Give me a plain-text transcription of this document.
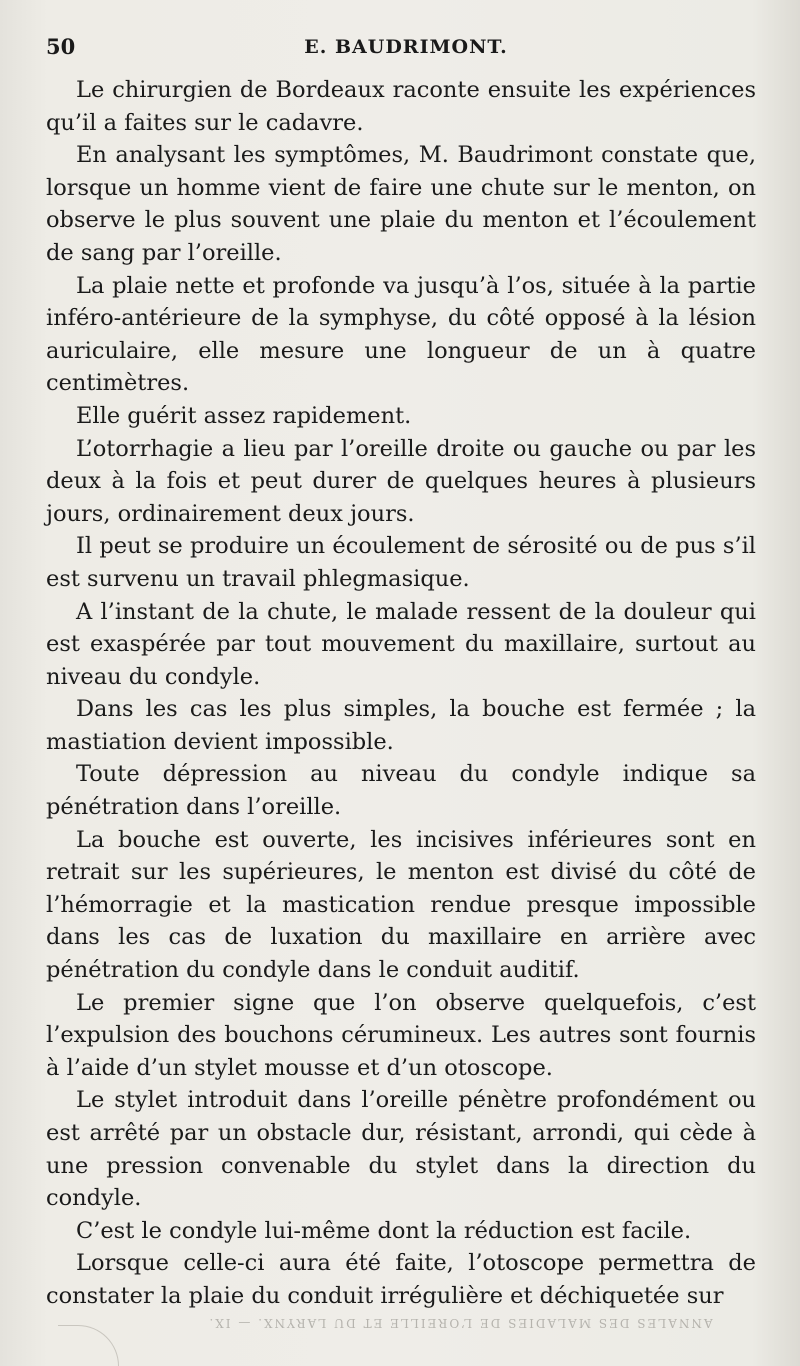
50	E. BAUDRIMONT.

Le chirurgien de Bordeaux raconte ensuite les expériences qu’il a faites sur le cadavre.

En analysant les symptômes, M. Baudrimont constate que, lorsque un homme vient de faire une chute sur le menton, on observe le plus souvent une plaie du menton et l’écoulement de sang par l’oreille.

La plaie nette et profonde va jusqu’à l’os, située à la partie inféro-antérieure de la symphyse, du côté opposé à la lésion auriculaire, elle mesure une longueur de un à quatre centimètres.

Elle guérit assez rapidement.

L’otorrhagie a lieu par l’oreille droite ou gauche ou par les deux à la fois et peut durer de quelques heures à plusieurs jours, ordinairement deux jours.

Il peut se produire un écoulement de sérosité ou de pus s’il est survenu un travail phlegmasique.

A l’instant de la chute, le malade ressent de la douleur qui est exaspérée par tout mouvement du maxillaire, surtout au niveau du condyle.

Dans les cas les plus simples, la bouche est fermée ; la mastiation devient impossible.

Toute dépression au niveau du condyle indique sa pénétration dans l’oreille.

La bouche est ouverte, les incisives inférieures sont en retrait sur les supérieures, le menton est divisé du côté de l’hémorragie et la mastication rendue presque impossible dans les cas de luxation du maxillaire en arrière avec pénétration du condyle dans le conduit auditif.

Le premier signe que l’on observe quelquefois, c’est l’expulsion des bouchons cérumineux. Les autres sont fournis à l’aide d’un stylet mousse et d’un otoscope.

Le stylet introduit dans l’oreille pénètre profondément ou est arrêté par un obstacle dur, résistant, arrondi, qui cède à une pression convenable du stylet dans la direction du condyle.

C’est le condyle lui-même dont la réduction est facile.

Lorsque celle-ci aura été faite, l’otoscope permettra de constater la plaie du conduit irrégulière et déchiquetée sur

ANNALES DES MALADIES DE L’OREILLE ET DU LARYNX. — IX.
